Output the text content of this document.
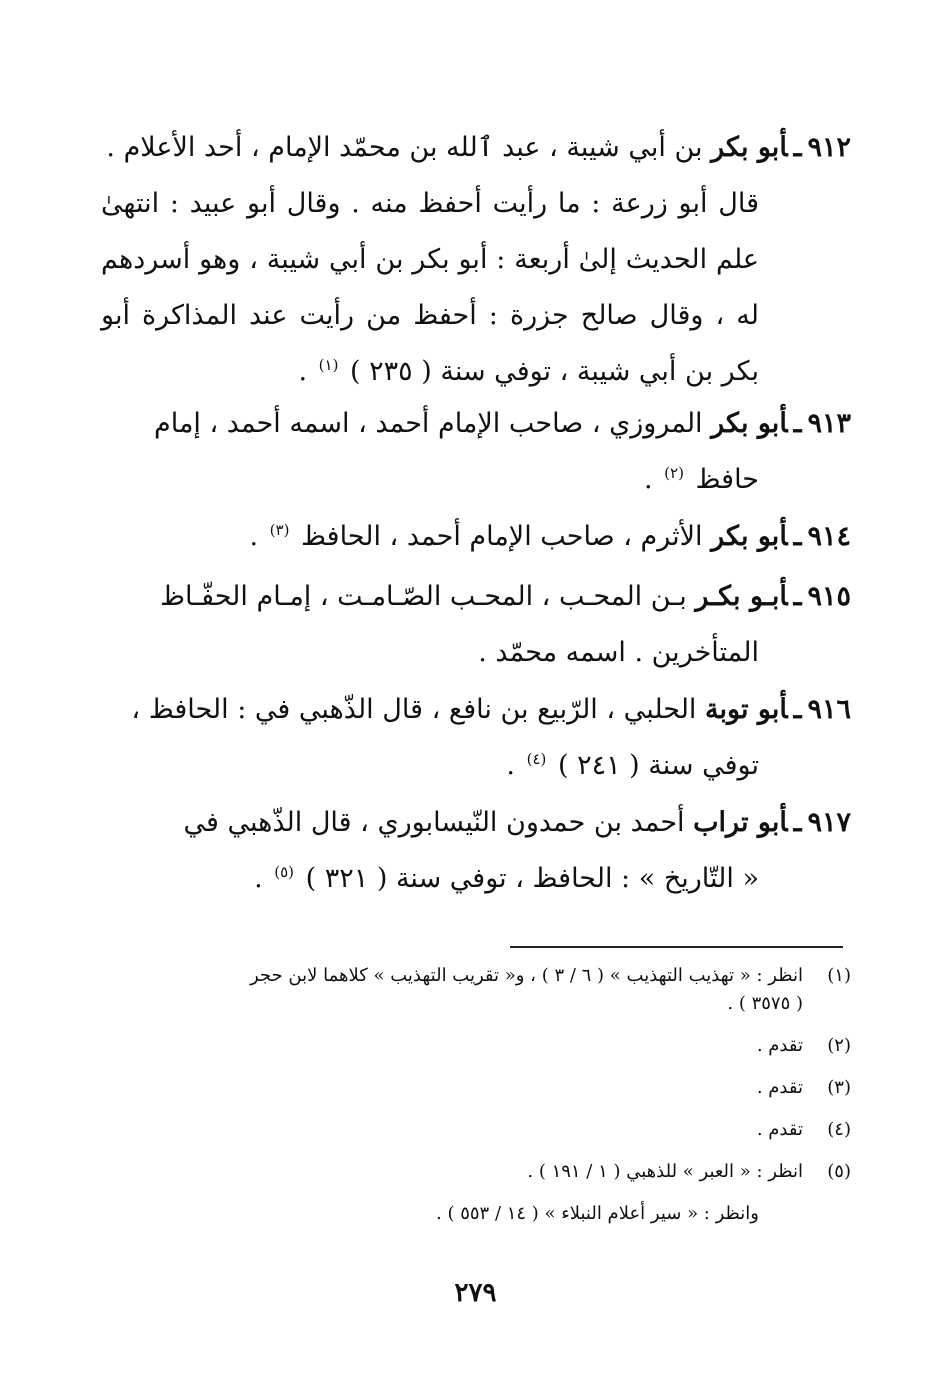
٩١٢ـأبو بكر بن أبي شيبة ، عبد ٱلله بن محمّد الإمام ، أحد الأعلام .
قال أبو زرعة : ما رأيت أحفظ منه . وقال أبو عبيد : انتهىٰ علم الحديث إلىٰ أربعة : أبو بكر بن أبي شيبة ، وهو أسردهم له ، وقال صالح جزرة : أحفظ من رأيت عند المذاكرة أبو بكر بن أبي شيبة ، توفي سنة ( ٢٣٥ ) $^{(١)}$ .
٩١٣ـأبو بكر المروزي ، صاحب الإمام أحمد ، اسمه أحمد ، إمام
حافظ $^{(٢)}$ .
٩١٤ـأبو بكر الأثرم ، صاحب الإمام أحمد ، الحافظ $^{(٣)}$ .
٩١٥ـأبـو بكـر بـن المحـب ، المحـب الصّـامـت ، إمـام الحفّـاظ
المتأخرين . اسمه محمّد .
٩١٦ـأبو توبة الحلبي ، الرّبيع بن نافع ، قال الذّهبي في : الحافظ ،
توفي سنة ( ٢٤١ ) $^{(٤)}$ .
٩١٧ـأبو تراب أحمد بن حمدون النّيسابوري ، قال الذّهبي في
« التّاريخ » : الحافظ ، توفي سنة ( ٣٢١ ) $^{(٥)}$ .
(١)انظر : « تهذيب التهذيب » ( ٦ / ٣ ) ، و« تقريب التهذيب » كلاهما لابن حجر
( ٣٥٧٥ ) .
(٢)تقدم .
(٣)تقدم .
(٤)تقدم .
(٥)انظر : « العبر » للذهبي ( ١ / ١٩١ ) .
وانظر : « سير أعلام النبلاء » ( ١٤ / ٥٥٣ ) .
٢٧٩
